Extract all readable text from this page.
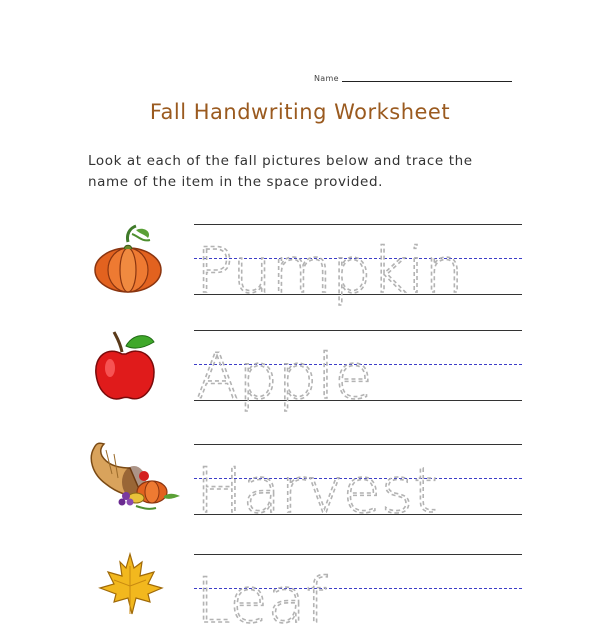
Name
Fall Handwriting Worksheet
Look at each of the fall pictures below and trace the name of the item in the space provided.
Pumpkin
Apple
Harvest
Leaf
